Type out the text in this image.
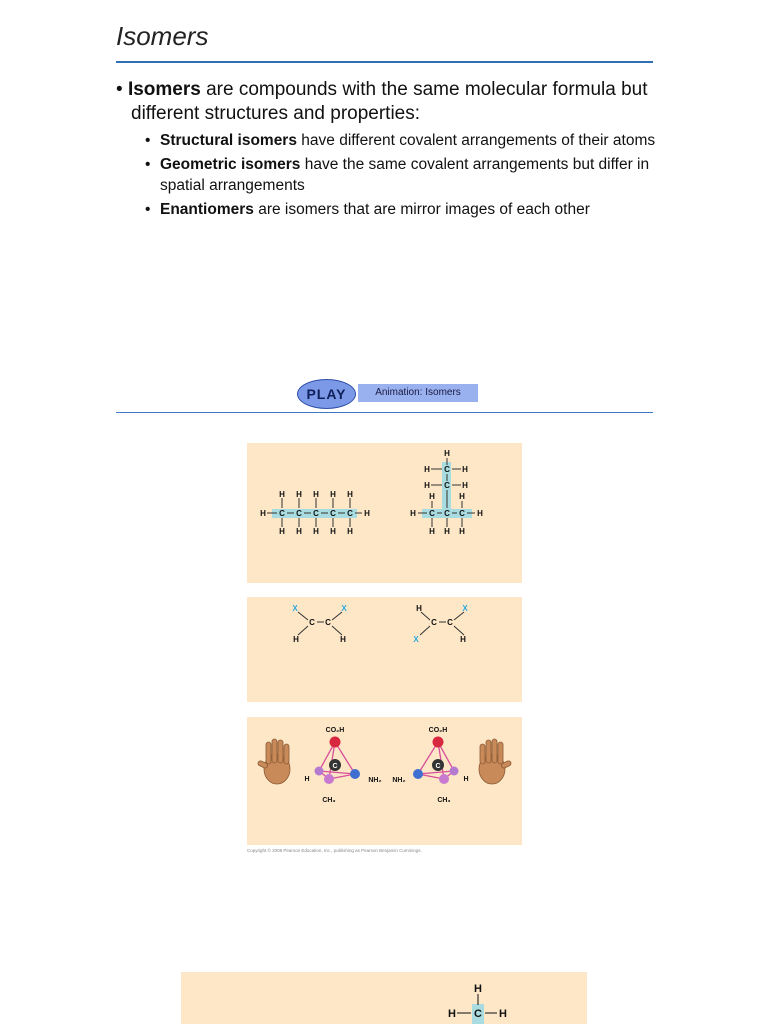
Isomers
• Isomers are compounds with the same molecular formula but different structures and properties:
• Structural isomers have different covalent arrangements of their atoms
• Geometric isomers have the same covalent arrangements but differ in spatial arrangements
• Enantiomers are isomers that are mirror images of each other
PLAY	Animation: Isomers
H C C C C C H
H H H H H
H H H H H
H
H C H
H C H
H	H
H C C C H
H H H
X	X
C C
H	H
H	X
C C
X	H
CO₂H
C
H	NH₂
CH₃
CO₂H
C
H
NH₂
CH₃
Copyright © 2008 Pearson Education, Inc., publishing as Pearson Benjamin Cummings.
H
H C H
